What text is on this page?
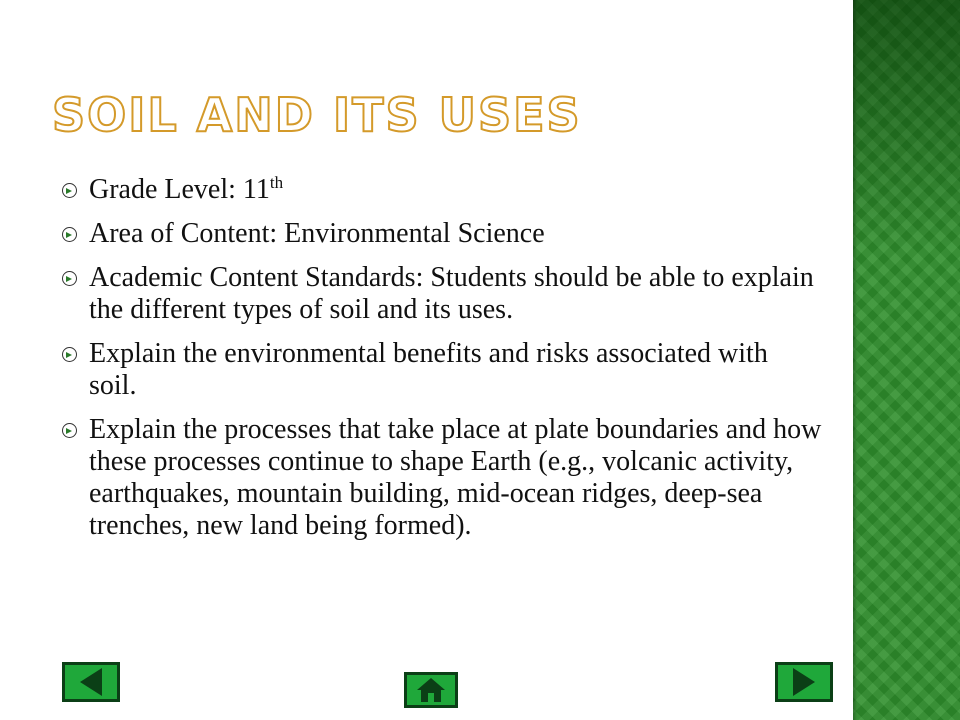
SOIL AND ITS USES
Grade Level: 11th
Area of Content: Environmental Science
Academic Content Standards: Students should be able to explain the different types of soil and its uses.
Explain the environmental benefits and risks associated with soil.
Explain the processes that take place at plate boundaries and how these processes continue to shape Earth (e.g., volcanic activity, earthquakes, mountain building, mid-ocean ridges, deep-sea trenches, new land being formed).
